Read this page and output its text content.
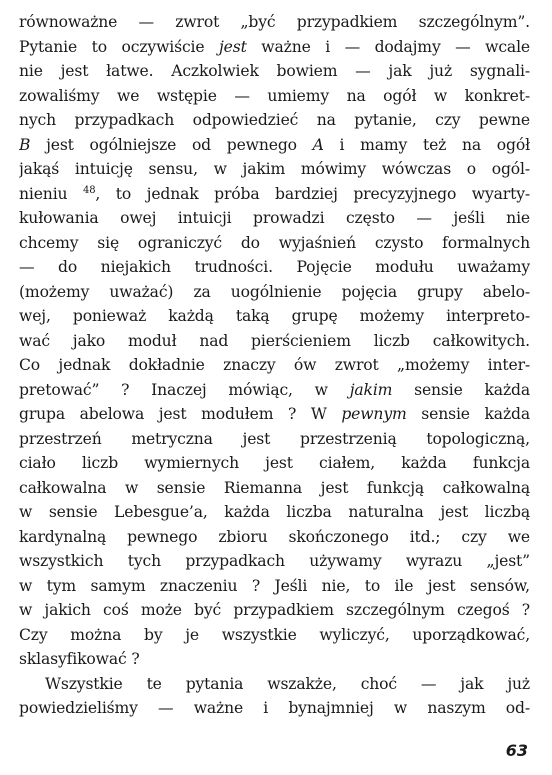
równoważne — zwrot „być przypadkiem szczególnym”.
Pytanie to oczywiście jest ważne i — dodajmy — wcale
nie jest łatwe. Aczkolwiek bowiem — jak już sygnali-
zowaliśmy we wstępie — umiemy na ogół w konkret-
nych przypadkach odpowiedzieć na pytanie, czy pewne
B jest ogólniejsze od pewnego A i mamy też na ogół
jakąś intuicję sensu, w jakim mówimy wówczas o ogól-
nieniu $^{48}$, to jednak próba bardziej precyzyjnego wyarty-
kułowania owej intuicji prowadzi często — jeśli nie
chcemy się ograniczyć do wyjaśnień czysto formalnych
— do niejakich trudności. Pojęcie modułu uważamy
(możemy uważać) za uogólnienie pojęcia grupy abelo-
wej, ponieważ każdą taką grupę możemy interpreto-
wać jako moduł nad pierścieniem liczb całkowitych.
Co jednak dokładnie znaczy ów zwrot „możemy inter-
pretować” ? Inaczej mówiąc, w jakim sensie każda
grupa abelowa jest modułem ? W pewnym sensie każda
przestrzeń metryczna jest przestrzenią topologiczną,
ciało liczb wymiernych jest ciałem, każda funkcja
całkowalna w sensie Riemanna jest funkcją całkowalną
w sensie Lebesgue’a, każda liczba naturalna jest liczbą
kardynalną pewnego zbioru skończonego itd.; czy we
wszystkich tych przypadkach używamy wyrazu „jest”
w tym samym znaczeniu ? Jeśli nie, to ile jest sensów,
w jakich coś może być przypadkiem szczególnym czegoś ?
Czy można by je wszystkie wyliczyć, uporządkować,
sklasyfikować ?
Wszystkie te pytania wszakże, choć — jak już
powiedzieliśmy — ważne i bynajmniej w naszym od-
63
